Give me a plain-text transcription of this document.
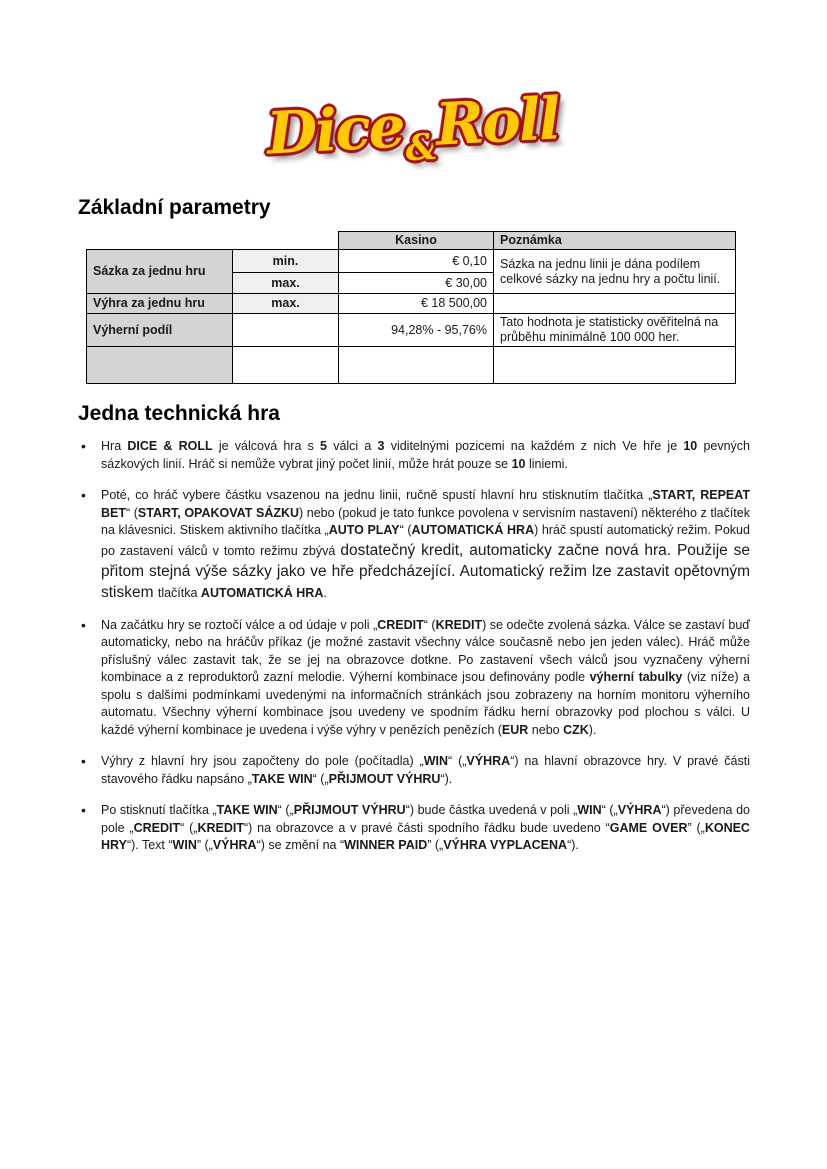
Dice&Roll
Základní parametry
		Kasino	Poznámka
Sázka za jednu hru	min.	€ 0,10	Sázka na jednu linii je dána podílem celkové sázky na jednu hry a počtu linií.
	max.	€ 30,00	
Výhra za jednu hru	max.	€ 18 500,00	
Výherní podíl		94,28% - 95,76%	Tato hodnota je statisticky ověřitelná na průběhu minimálně 100 000 her.

Jedna technická hra
• Hra DICE & ROLL je válcová hra s 5 válci a 3 viditelnými pozicemi na každém z nich Ve hře je 10 pevných sázkových linií. Hráč si nemůže vybrat jiný počet linií, může hrát pouze se 10 liniemi.
• Poté, co hráč vybere částku vsazenou na jednu linii, ručně spustí hlavní hru stisknutím tlačítka „START, REPEAT BET“ (START, OPAKOVAT SÁZKU) nebo (pokud je tato funkce povolena v servisním nastavení) některého z tlačítek na klávesnici. Stiskem aktivního tlačítka „AUTO PLAY“ (AUTOMATICKÁ HRA) hráč spustí automatický režim. Pokud po zastavení válců v tomto režimu zbývá dostatečný kredit, automaticky začne nová hra. Použije se přitom stejná výše sázky jako ve hře předcházející. Automatický režim lze zastavit opětovným stiskem tlačítka AUTOMATICKÁ HRA.
• Na začátku hry se roztočí válce a od údaje v poli „CREDIT“ (KREDIT) se odečte zvolená sázka. Válce se zastaví buď automaticky, nebo na hráčův příkaz (je možné zastavit všechny válce současně nebo jen jeden válec). Hráč může příslušný válec zastavit tak, že se jej na obrazovce dotkne. Po zastavení všech válců jsou vyznačeny výherní kombinace a z reproduktorů zazní melodie. Výherní kombinace jsou definovány podle výherní tabulky (viz níže) a spolu s dalšími podmínkami uvedenými na informačních stránkách jsou zobrazeny na horním monitoru výherního automatu. Všechny výherní kombinace jsou uvedeny ve spodním řádku herní obrazovky pod plochou s válci. U každé výherní kombinace je uvedena i výše výhry v penězích penězích (EUR nebo CZK).
• Výhry z hlavní hry jsou započteny do pole (počítadla) „WIN“ („VÝHRA“) na hlavní obrazovce hry. V pravé části stavového řádku napsáno „TAKE WIN“ („PŘIJMOUT VÝHRU“).
• Po stisknutí tlačítka „TAKE WIN“ („PŘIJMOUT VÝHRU“) bude částka uvedená v poli „WIN“ („VÝHRA“) převedena do pole „CREDIT“ („KREDIT“) na obrazovce a v pravé části spodního řádku bude uvedeno “GAME OVER” („KONEC HRY“). Text “WIN” („VÝHRA“) se změní na “WINNER PAID” („VÝHRA VYPLACENA“).
